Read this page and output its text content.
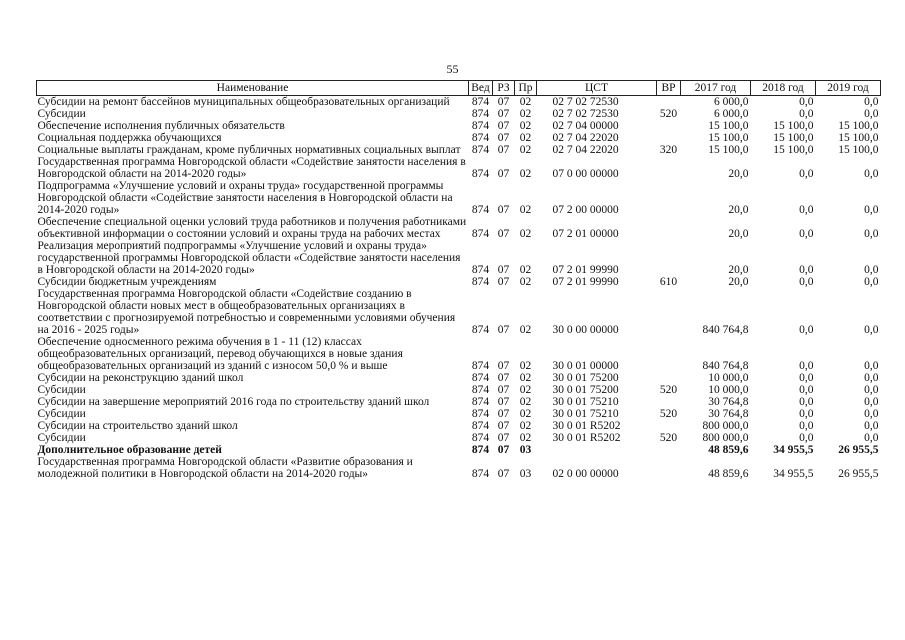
55
Наименование	Вед	РЗ	Пр	ЦСТ	ВР	2017 год	2018 год	2019 год
Субсидии на ремонт бассейнов муниципальных общеобразовательных организаций	874	07	02	02 7 02 72530		6 000,0	0,0	0,0
Субсидии	874	07	02	02 7 02 72530	520	6 000,0	0,0	0,0
Обеспечение исполнения публичных обязательств	874	07	02	02 7 04 00000		15 100,0	15 100,0	15 100,0
Социальная поддержка обучающихся	874	07	02	02 7 04 22020		15 100,0	15 100,0	15 100,0
Социальные выплаты гражданам, кроме публичных нормативных социальных выплат	874	07	02	02 7 04 22020	320	15 100,0	15 100,0	15 100,0
Государственная программа Новгородской области «Содействие занятости населения в Новгородской области на 2014-2020 годы»	874	07	02	07 0 00 00000		20,0	0,0	0,0
Подпрограмма «Улучшение условий и охраны труда» государственной программы Новгородской области «Содействие занятости населения в Новгородской области на 2014-2020 годы»	874	07	02	07 2 00 00000		20,0	0,0	0,0
Обеспечение специальной оценки условий труда работников и получения работниками объективной информации о состоянии условий и охраны труда на рабочих местах	874	07	02	07 2 01 00000		20,0	0,0	0,0
Реализация мероприятий подпрограммы «Улучшение условий и охраны труда» государственной программы Новгородской области «Содействие занятости населения в Новгородской области на 2014-2020 годы»	874	07	02	07 2 01 99990		20,0	0,0	0,0
Субсидии бюджетным учреждениям	874	07	02	07 2 01 99990	610	20,0	0,0	0,0
Государственная программа Новгородской области «Содействие созданию в Новгородской области новых мест в общеобразовательных организациях в соответствии с прогнозируемой потребностью и современными условиями обучения на 2016 - 2025 годы»	874	07	02	30 0 00 00000		840 764,8	0,0	0,0
Обеспечение односменного режима обучения в 1 - 11 (12) классах общеобразовательных организаций, перевод обучающихся в новые здания общеобразовательных организаций из зданий с износом 50,0 % и выше	874	07	02	30 0 01 00000		840 764,8	0,0	0,0
Субсидии на реконструкцию зданий школ	874	07	02	30 0 01 75200		10 000,0	0,0	0,0
Субсидии	874	07	02	30 0 01 75200	520	10 000,0	0,0	0,0
Субсидии на завершение мероприятий 2016 года по строительству зданий школ	874	07	02	30 0 01 75210		30 764,8	0,0	0,0
Субсидии	874	07	02	30 0 01 75210	520	30 764,8	0,0	0,0
Субсидии на строительство зданий школ	874	07	02	30 0 01 R5202		800 000,0	0,0	0,0
Субсидии	874	07	02	30 0 01 R5202	520	800 000,0	0,0	0,0
Дополнительное образование детей	874	07	03			48 859,6	34 955,5	26 955,5
Государственная программа Новгородской области «Развитие образования и молодежной политики в Новгородской области на 2014-2020 годы»	874	07	03	02 0 00 00000		48 859,6	34 955,5	26 955,5
